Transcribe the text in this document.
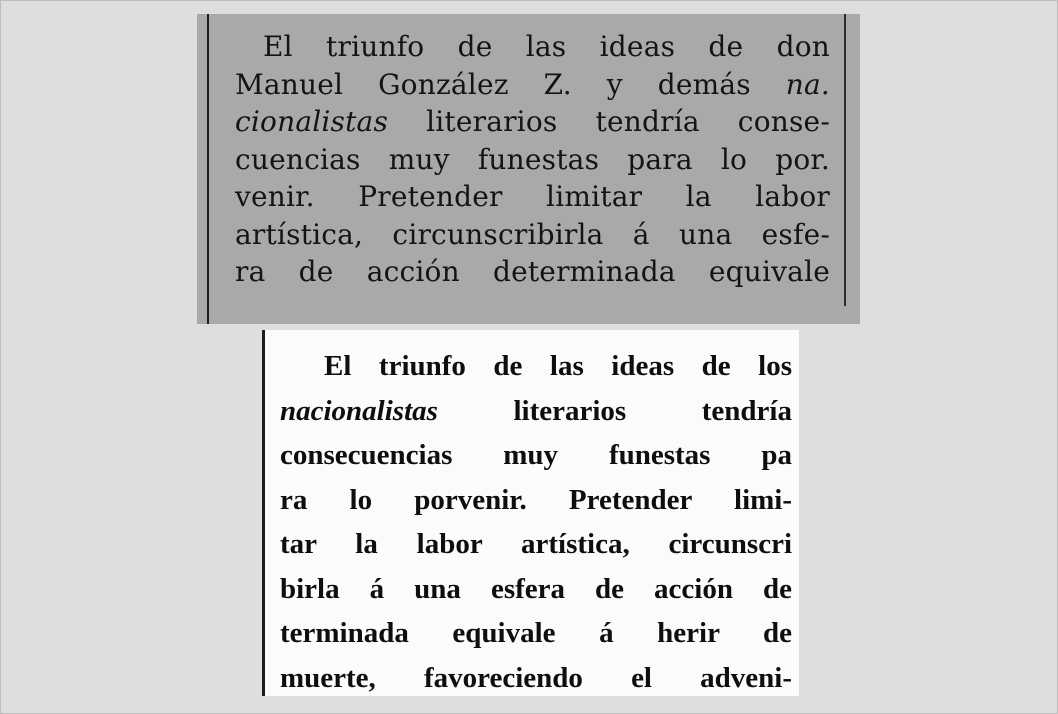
El triunfo de las ideas de don
Manuel González Z. y demás na.
cionalistas literarios tendría conse-
cuencias muy funestas para lo por.
venir. Pretender limitar la labor
artística, circunscribirla á una esfe-
ra de acción determinada equivale
El triunfo de las ideas de los
nacionalistas literarios tendría
consecuencias muy funestas pa
ra lo porvenir. Pretender limi-
tar la labor artística, circunscri
birla á una esfera de acción de
terminada equivale á herir de
muerte, favoreciendo el adveni-
